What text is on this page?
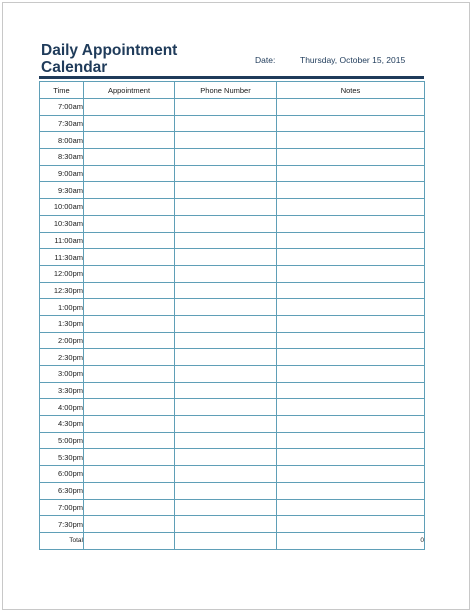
Daily Appointment Calendar	Date:	Thursday, October 15, 2015
Time	Appointment	Phone Number	Notes
7:00am			
7:30am			
8:00am			
8:30am			
9:00am			
9:30am			
10:00am			
10:30am			
11:00am			
11:30am			
12:00pm			
12:30pm			
1:00pm			
1:30pm			
2:00pm			
2:30pm			
3:00pm			
3:30pm			
4:00pm			
4:30pm			
5:00pm			
5:30pm			
6:00pm			
6:30pm			
7:00pm			
7:30pm			
Total			0
